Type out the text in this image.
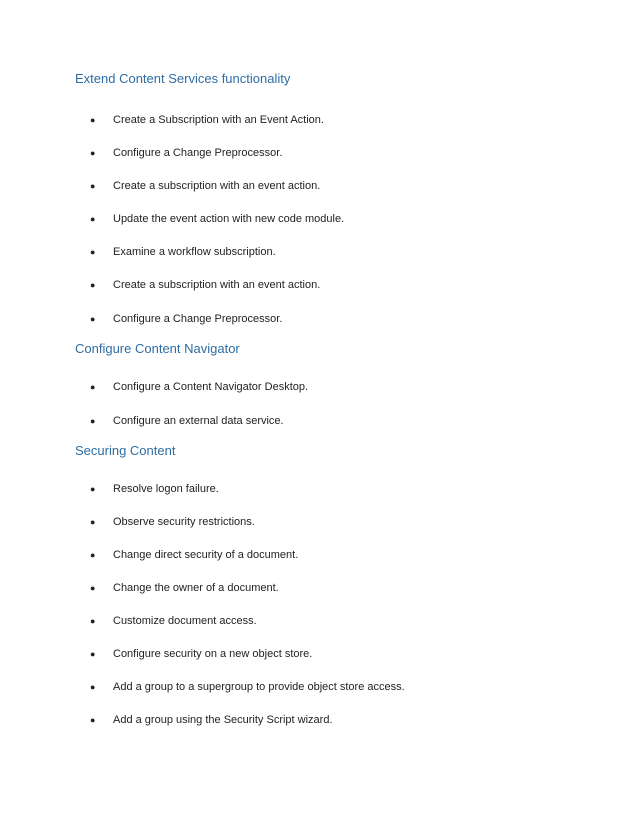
Extend Content Services functionality
●	Create a Subscription with an Event Action.
●	Configure a Change Preprocessor.
●	Create a subscription with an event action.
●	Update the event action with new code module.
●	Examine a workflow subscription.
●	Create a subscription with an event action.
●	Configure a Change Preprocessor.
Configure Content Navigator
●	Configure a Content Navigator Desktop.
●	Configure an external data service.
Securing Content
●	Resolve logon failure.
●	Observe security restrictions.
●	Change direct security of a document.
●	Change the owner of a document.
●	Customize document access.
●	Configure security on a new object store.
●	Add a group to a supergroup to provide object store access.
●	Add a group using the Security Script wizard.
